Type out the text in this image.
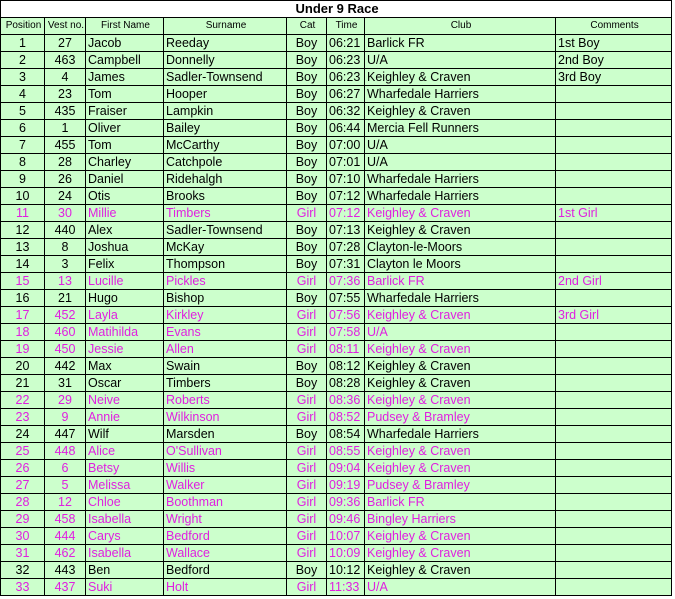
Under 9 Race							
Position	Vest no.	First Name	Surname	Cat	Time	Club	Comments
1	27	Jacob	Reeday	Boy	06:21	Barlick FR	1st Boy
2	463	Campbell	Donnelly	Boy	06:23	U/A	2nd Boy
3	4	James	Sadler-Townsend	Boy	06:23	Keighley & Craven	3rd Boy
4	23	Tom	Hooper	Boy	06:27	Wharfedale Harriers	
5	435	Fraiser	Lampkin	Boy	06:32	Keighley & Craven	
6	1	Oliver	Bailey	Boy	06:44	Mercia Fell Runners	
7	455	Tom	McCarthy	Boy	07:00	U/A	
8	28	Charley	Catchpole	Boy	07:01	U/A	
9	26	Daniel	Ridehalgh	Boy	07:10	Wharfedale Harriers	
10	24	Otis	Brooks	Boy	07:12	Wharfedale Harriers	
11	30	Millie	Timbers	Girl	07:12	Keighley & Craven	1st Girl
12	440	Alex	Sadler-Townsend	Boy	07:13	Keighley & Craven	
13	8	Joshua	McKay	Boy	07:28	Clayton-le-Moors	
14	3	Felix	Thompson	Boy	07:31	Clayton le Moors	
15	13	Lucille	Pickles	Girl	07:36	Barlick FR	2nd Girl
16	21	Hugo	Bishop	Boy	07:55	Wharfedale Harriers	
17	452	Layla	Kirkley	Girl	07:56	Keighley & Craven	3rd Girl
18	460	Matihilda	Evans	Girl	07:58	U/A	
19	450	Jessie	Allen	Girl	08:11	Keighley & Craven	
20	442	Max	Swain	Boy	08:12	Keighley & Craven	
21	31	Oscar	Timbers	Boy	08:28	Keighley & Craven	
22	29	Neive	Roberts	Girl	08:36	Keighley & Craven	
23	9	Annie	Wilkinson	Girl	08:52	Pudsey & Bramley	
24	447	Wilf	Marsden	Boy	08:54	Wharfedale Harriers	
25	448	Alice	O'Sullivan	Girl	08:55	Keighley & Craven	
26	6	Betsy	Willis	Girl	09:04	Keighley & Craven	
27	5	Melissa	Walker	Girl	09:19	Pudsey & Bramley	
28	12	Chloe	Boothman	Girl	09:36	Barlick FR	
29	458	Isabella	Wright	Girl	09:46	Bingley Harriers	
30	444	Carys	Bedford	Girl	10:07	Keighley & Craven	
31	462	Isabella	Wallace	Girl	10:09	Keighley & Craven	
32	443	Ben	Bedford	Boy	10:12	Keighley & Craven	
33	437	Suki	Holt	Girl	11:33	U/A	
